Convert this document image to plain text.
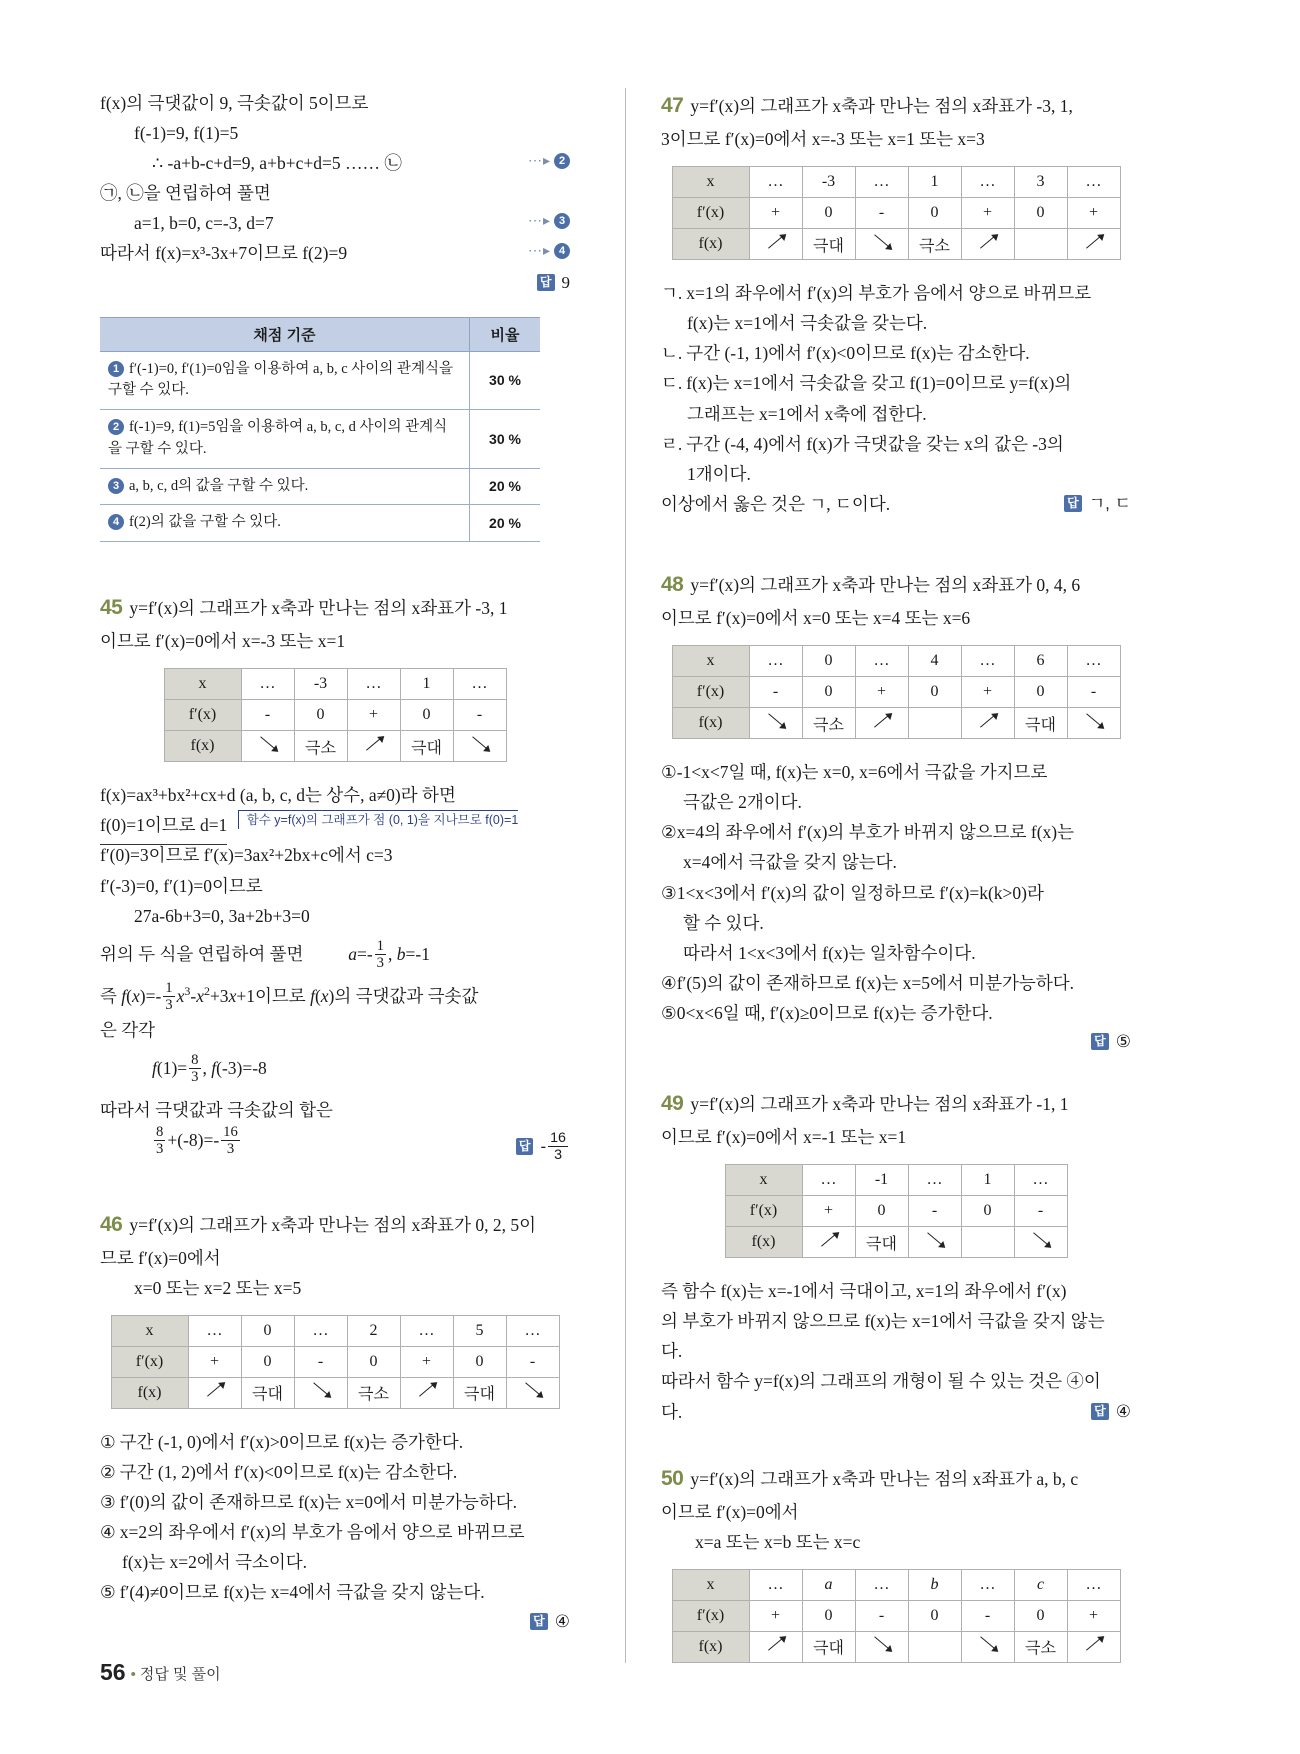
f(x)의 극댓값이 9, 극솟값이 5이므로
f(-1)=9, f(1)=5
∴ -a+b-c+d=9, a+b+c+d=5 …… ㉡	⋯▸ 2
㉠, ㉡을 연립하여 풀면
a=1, b=0, c=-3, d=7	⋯▸ 3
따라서 f(x)=x³-3x+7이므로 f(2)=9	⋯▸ 4
답 9
채점 기준	비율
1 f′(-1)=0, f′(1)=0임을 이용하여 a, b, c 사이의 관계식을 구할 수 있다.	30 %
2 f(-1)=9, f(1)=5임을 이용하여 a, b, c, d 사이의 관계식을 구할 수 있다.	30 %
3 a, b, c, d의 값을 구할 수 있다.	20 %
4 f(2)의 값을 구할 수 있다.	20 %
45 y=f′(x)의 그래프가 x축과 만나는 점의 x좌표가 -3, 1
이므로 f′(x)=0에서 x=-3 또는 x=1
x	…	-3	…	1	…
f′(x)	-	0	+	0	-
f(x)		극소		극대	
f(x)=ax³+bx²+cx+d (a, b, c, d는 상수, a≠0)라 하면
f(0)=1이므로 d=1 함수 y=f(x)의 그래프가 점 (0, 1)을 지나므로 f(0)=1
f′(0)=3이므로 f′(x)=3ax²+2bx+c에서 c=3
f′(-3)=0, f′(1)=0이므로
27a-6b+3=0, 3a+2b+3=0
위의 두 식을 연립하여 풀면	$a=- \frac{1}{3}$ , b=-1
즉 $f(x)=- \frac{1}{3} x^3-x^2+3x+1$이므로 f(x)의 극댓값과 극솟값
은 각각
$f(1)= \frac{8}{3}$ , f(-3)=-8
따라서 극댓값과 극솟값의 합은
$\frac{8}{3} +(-8)=- \frac{16}{3}$	답 - $\frac{16}{3}$
46 y=f′(x)의 그래프가 x축과 만나는 점의 x좌표가 0, 2, 5이
므로 f′(x)=0에서
x=0 또는 x=2 또는 x=5
x	…	0	…	2	…	5	…
f′(x)	+	0	-	0	+	0	-
f(x)		극대		극소		극대	
① 구간 (-1, 0)에서 f′(x)>0이므로 f(x)는 증가한다.
② 구간 (1, 2)에서 f′(x)<0이므로 f(x)는 감소한다.
③ f′(0)의 값이 존재하므로 f(x)는 x=0에서 미분가능하다.
④ x=2의 좌우에서 f′(x)의 부호가 음에서 양으로 바뀌므로
f(x)는 x=2에서 극소이다.
⑤ f′(4)≠0이므로 f(x)는 x=4에서 극값을 갖지 않는다.
답 ④
47 y=f′(x)의 그래프가 x축과 만나는 점의 x좌표가 -3, 1,
3이므로 f′(x)=0에서 x=-3 또는 x=1 또는 x=3
x	…	-3	…	1	…	3	…
f′(x)	+	0	-	0	+	0	+
f(x)		극대		극소			
ㄱ. x=1의 좌우에서 f′(x)의 부호가 음에서 양으로 바뀌므로
f(x)는 x=1에서 극솟값을 갖는다.
ㄴ. 구간 (-1, 1)에서 f′(x)<0이므로 f(x)는 감소한다.
ㄷ. f(x)는 x=1에서 극솟값을 갖고 f(1)=0이므로 y=f(x)의
그래프는 x=1에서 x축에 접한다.
ㄹ. 구간 (-4, 4)에서 f(x)가 극댓값을 갖는 x의 값은 -3의
1개이다.
이상에서 옳은 것은 ㄱ, ㄷ이다.	답 ㄱ, ㄷ
48 y=f′(x)의 그래프가 x축과 만나는 점의 x좌표가 0, 4, 6
이므로 f′(x)=0에서 x=0 또는 x=4 또는 x=6
x	…	0	…	4	…	6	…
f′(x)	-	0	+	0	+	0	-
f(x)		극소				극대	
①-1<x<7일 때, f(x)는 x=0, x=6에서 극값을 가지므로
극값은 2개이다.
②x=4의 좌우에서 f′(x)의 부호가 바뀌지 않으므로 f(x)는
x=4에서 극값을 갖지 않는다.
③1<x<3에서 f′(x)의 값이 일정하므로 f′(x)=k(k>0)라
할 수 있다.
따라서 1<x<3에서 f(x)는 일차함수이다.
④f′(5)의 값이 존재하므로 f(x)는 x=5에서 미분가능하다.
⑤0<x<6일 때, f′(x)≥0이므로 f(x)는 증가한다.
답 ⑤
49 y=f′(x)의 그래프가 x축과 만나는 점의 x좌표가 -1, 1
이므로 f′(x)=0에서 x=-1 또는 x=1
x	…	-1	…	1	…
f′(x)	+	0	-	0	-
f(x)		극대			
즉 함수 f(x)는 x=-1에서 극대이고, x=1의 좌우에서 f′(x)
의 부호가 바뀌지 않으므로 f(x)는 x=1에서 극값을 갖지 않는
다.
따라서 함수 y=f(x)의 그래프의 개형이 될 수 있는 것은 ④이
다.	답 ④
50 y=f′(x)의 그래프가 x축과 만나는 점의 x좌표가 a, b, c
이므로 f′(x)=0에서
x=a 또는 x=b 또는 x=c
x	…	a	…	b	…	c	…
f′(x)	+	0	-	0	-	0	+
f(x)		극대				극소	
56 • 정답 및 풀이
